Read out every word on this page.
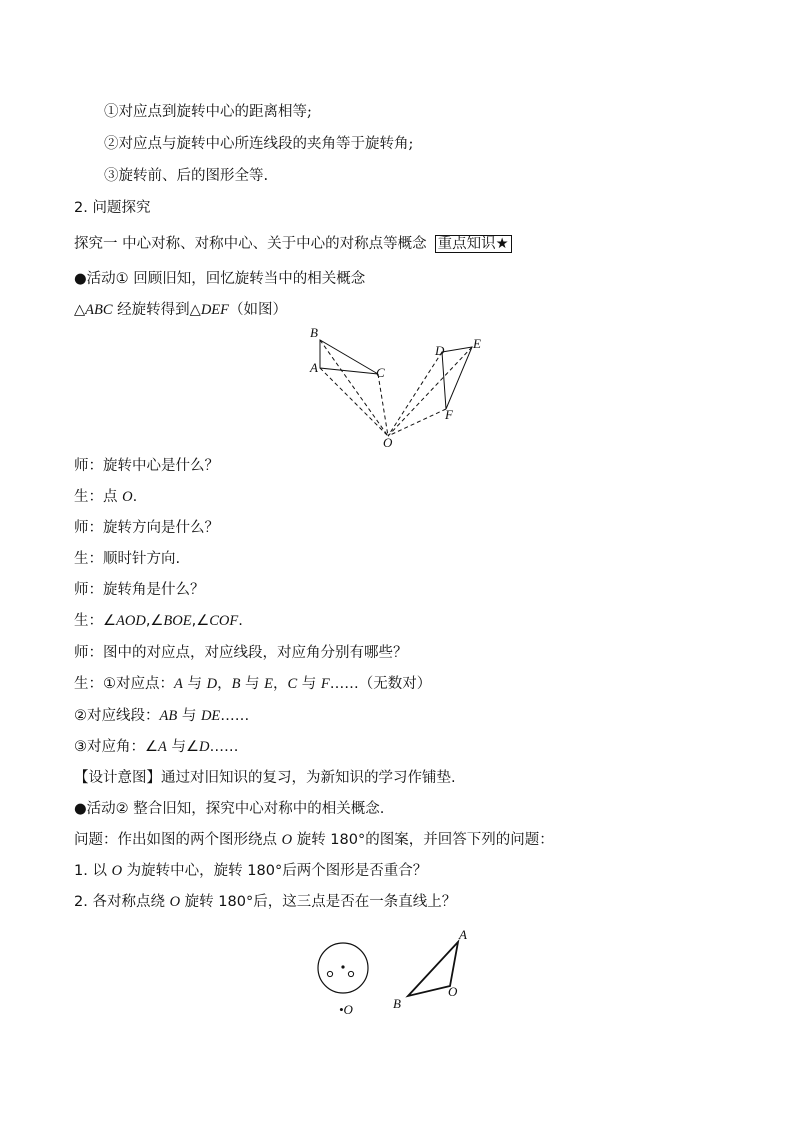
①对应点到旋转中心的距离相等;
②对应点与旋转中心所连线段的夹角等于旋转角;
③旋转前、后的图形全等.
2. 问题探究
探究一 中心对称、对称中心、关于中心的对称点等概念 重点知识★
●活动① 回顾旧知，回忆旋转当中的相关概念
△ABC 经旋转得到△DEF（如图）
B
A	C
D E
F
O
师：旋转中心是什么？
生：点 O.
师：旋转方向是什么？
生：顺时针方向.
师：旋转角是什么？
生：∠AOD,∠BOE,∠COF.
师：图中的对应点，对应线段，对应角分别有哪些？
生：①对应点：A 与 D，B 与 E，C 与 F……（无数对）
②对应线段：AB 与 DE……
③对应角：∠A 与∠D……
【设计意图】通过对旧知识的复习，为新知识的学习作铺垫.
●活动② 整合旧知，探究中心对称中的相关概念.
问题：作出如图的两个图形绕点 O 旋转 180°的图案，并回答下列的问题：
1. 以 O 为旋转中心，旋转 180°后两个图形是否重合？
2. 各对称点绕 O 旋转 180°后，这三点是否在一条直线上？
•O
A
B
O
